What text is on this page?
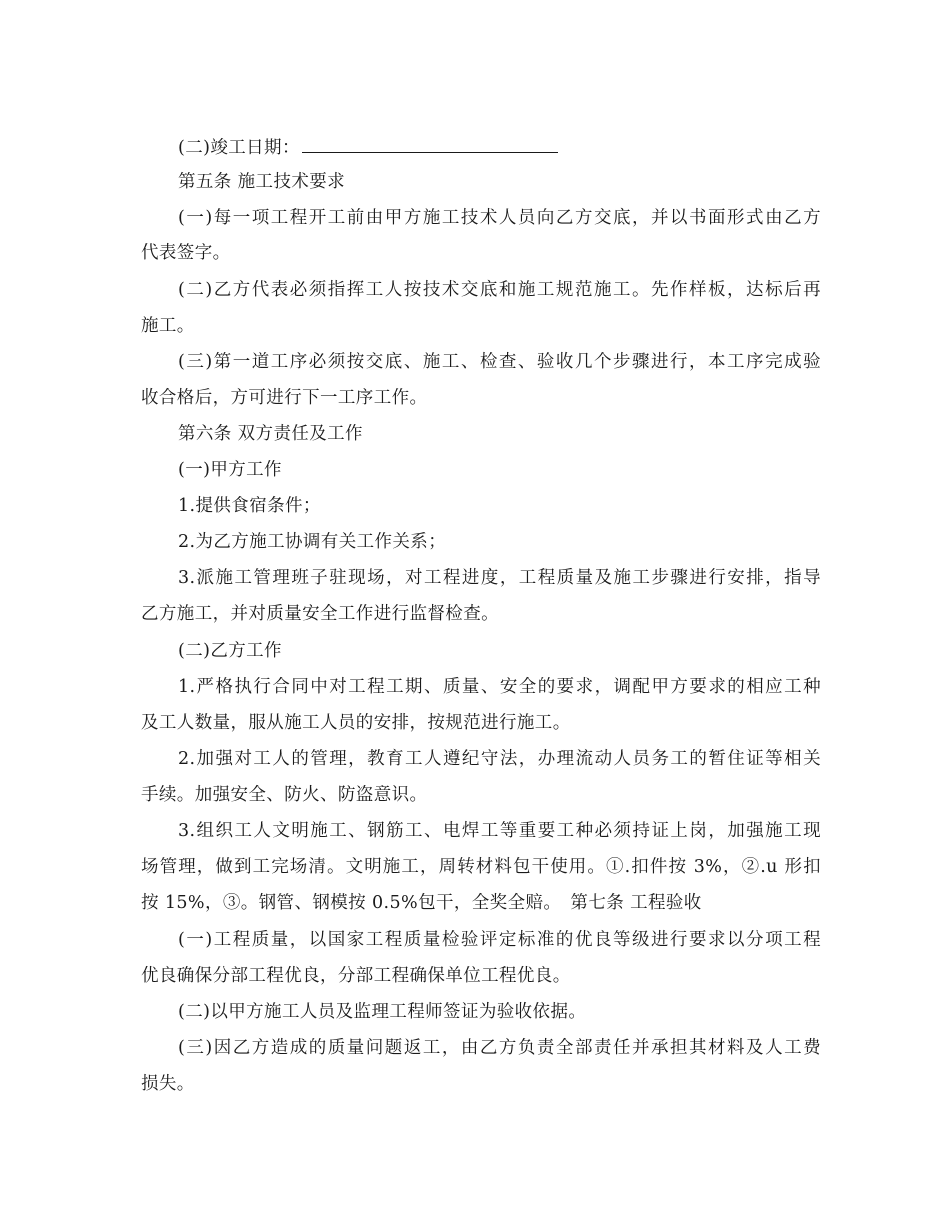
(二)竣工日期：
第五条 施工技术要求
(一)每一项工程开工前由甲方施工技术人员向乙方交底，并以书面形式由乙方
代表签字。
(二)乙方代表必须指挥工人按技术交底和施工规范施工。先作样板，达标后再
施工。
(三)第一道工序必须按交底、施工、检查、验收几个步骤进行，本工序完成验
收合格后，方可进行下一工序工作。
第六条 双方责任及工作
(一)甲方工作
1.提供食宿条件；
2.为乙方施工协调有关工作关系；
3.派施工管理班子驻现场，对工程进度，工程质量及施工步骤进行安排，指导
乙方施工，并对质量安全工作进行监督检查。
(二)乙方工作
1.严格执行合同中对工程工期、质量、安全的要求，调配甲方要求的相应工种
及工人数量，服从施工人员的安排，按规范进行施工。
2.加强对工人的管理，教育工人遵纪守法，办理流动人员务工的暂住证等相关
手续。加强安全、防火、防盗意识。
3.组织工人文明施工、钢筋工、电焊工等重要工种必须持证上岗，加强施工现
场管理，做到工完场清。文明施工，周转材料包干使用。①.扣件按 3%，②.u 形扣
按 15%，③。钢管、钢模按 0.5%包干，全奖全赔。　第七条 工程验收
(一)工程质量，以国家工程质量检验评定标准的优良等级进行要求以分项工程
优良确保分部工程优良，分部工程确保单位工程优良。
(二)以甲方施工人员及监理工程师签证为验收依据。
(三)因乙方造成的质量问题返工，由乙方负责全部责任并承担其材料及人工费
损失。
